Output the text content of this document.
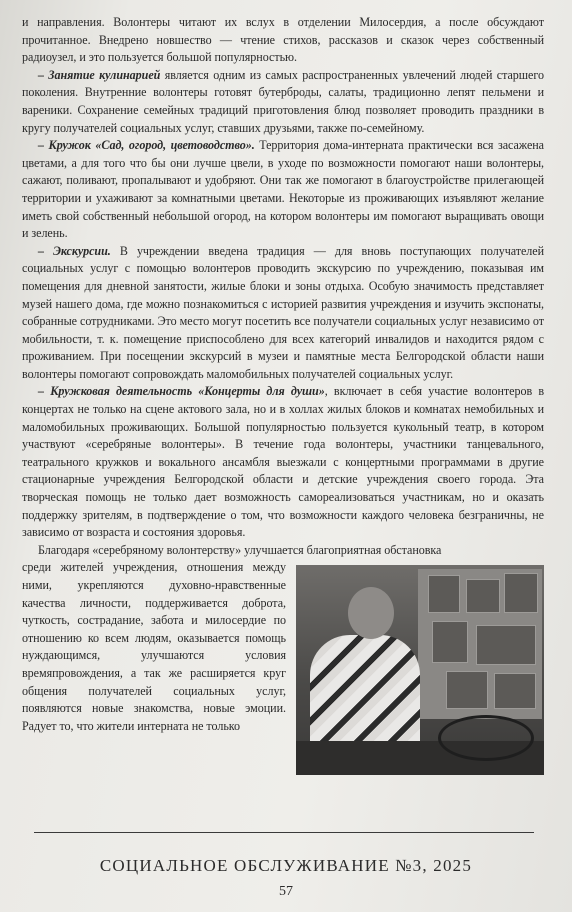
и направления. Волонтеры читают их вслух в отделении Милосердия, а после обсуждают прочитанное. Внедрено новшество — чтение стихов, рассказов и сказок через собственный радиоузел, и это пользуется большой популярностью.

– Занятие кулинарией является одним из самых распространенных увлечений людей старшего поколения. Внутренние волонтеры готовят бутерброды, салаты, традиционно лепят пельмени и вареники. Сохранение семейных традиций приготовления блюд позволяет проводить праздники в кругу получателей социальных услуг, ставших друзьями, также по-семейному.

– Кружок «Сад, огород, цветоводство». Территория дома-интерната практически вся засажена цветами, а для того что бы они лучше цвели, в уходе по возможности помогают наши волонтеры, сажают, поливают, пропалывают и удобряют. Они так же помогают в благоустройстве прилегающей территории и ухаживают за комнатными цветами. Некоторые из проживающих изъявляют желание иметь свой собственный небольшой огород, на котором волонтеры им помогают выращивать овощи и зелень.

– Экскурсии. В учреждении введена традиция — для вновь поступающих получателей социальных услуг с помощью волонтеров проводить экскурсию по учреждению, показывая им помещения для дневной занятости, жилые блоки и зоны отдыха. Особую значимость представляет музей нашего дома, где можно познакомиться с историей развития учреждения и изучить экспонаты, собранные сотрудниками. Это место могут посетить все получатели социальных услуг независимо от мобильности, т. к. помещение приспособлено для всех категорий инвалидов и находится рядом с проживанием. При посещении экскурсий в музеи и памятные места Белгородской области наши волонтеры помогают сопровождать маломобильных получателей социальных услуг.

– Кружковая деятельность «Концерты для души», включает в себя участие волонтеров в концертах не только на сцене актового зала, но и в холлах жилых блоков и комнатах немобильных и маломобильных проживающих. Большой популярностью пользуется кукольный театр, в котором участвуют «серебряные волонтеры». В течение года волонтеры, участники танцевального, театрального кружков и вокального ансамбля выезжали с концертными программами в другие стационарные учреждения Белгородской области и детские учреждения своего города. Эта творческая помощь не только дает возможность самореализоваться участникам, но и оказать поддержку зрителям, в подтверждение о том, что возможности каждого человека безграничны, не зависимо от возраста и состояния здоровья.

Благодаря «серебряному волонтерству» улучшается благоприятная обстановка

среди жителей учреждения, отношения между ними, укрепляются духовно-нравственные качества личности, поддерживается доброта, чуткость, сострадание, забота и милосердие по отношению ко всем людям, оказывается помощь нуждающимся, улучшаются условия времяпровождения, а так же расширяется круг общения получателей социальных услуг, появляются новые знакомства, новые эмоции. Радует то, что жители интерната не только

СОЦИАЛЬНОЕ ОБСЛУЖИВАНИЕ №3, 2025
57
